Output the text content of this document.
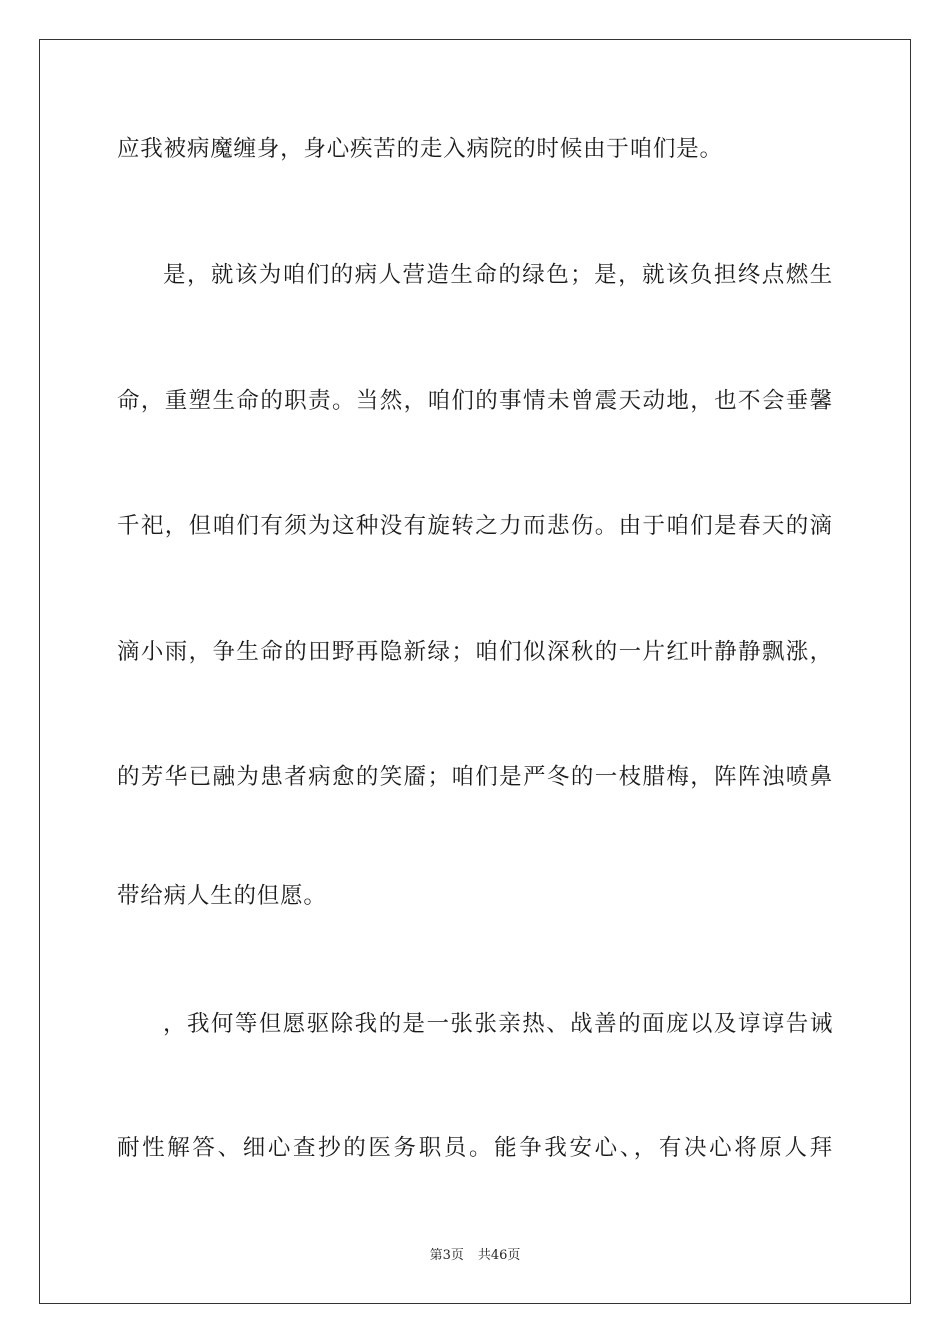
应我被病魔缠身，身心疾苦的走入病院的时候由于咱们是。
是，就该为咱们的病人营造生命的绿色；是，就该负担终点燃生
命，重塑生命的职责。当然，咱们的事情未曾震天动地，也不会垂馨
千祀，但咱们有须为这种没有旋转之力而悲伤。由于咱们是春天的滴
滴小雨，争生命的田野再隐新绿；咱们似深秋的一片红叶静静飘涨，
的芳华已融为患者病愈的笑靥；咱们是严冬的一枝腊梅，阵阵浊喷鼻
带给病人生的但愿。
，我何等但愿驱除我的是一张张亲热、战善的面庞以及谆谆告诫
耐性解答、细心查抄的医务职员。能争我安心、，有决心将原人拜
第3页 共46页
